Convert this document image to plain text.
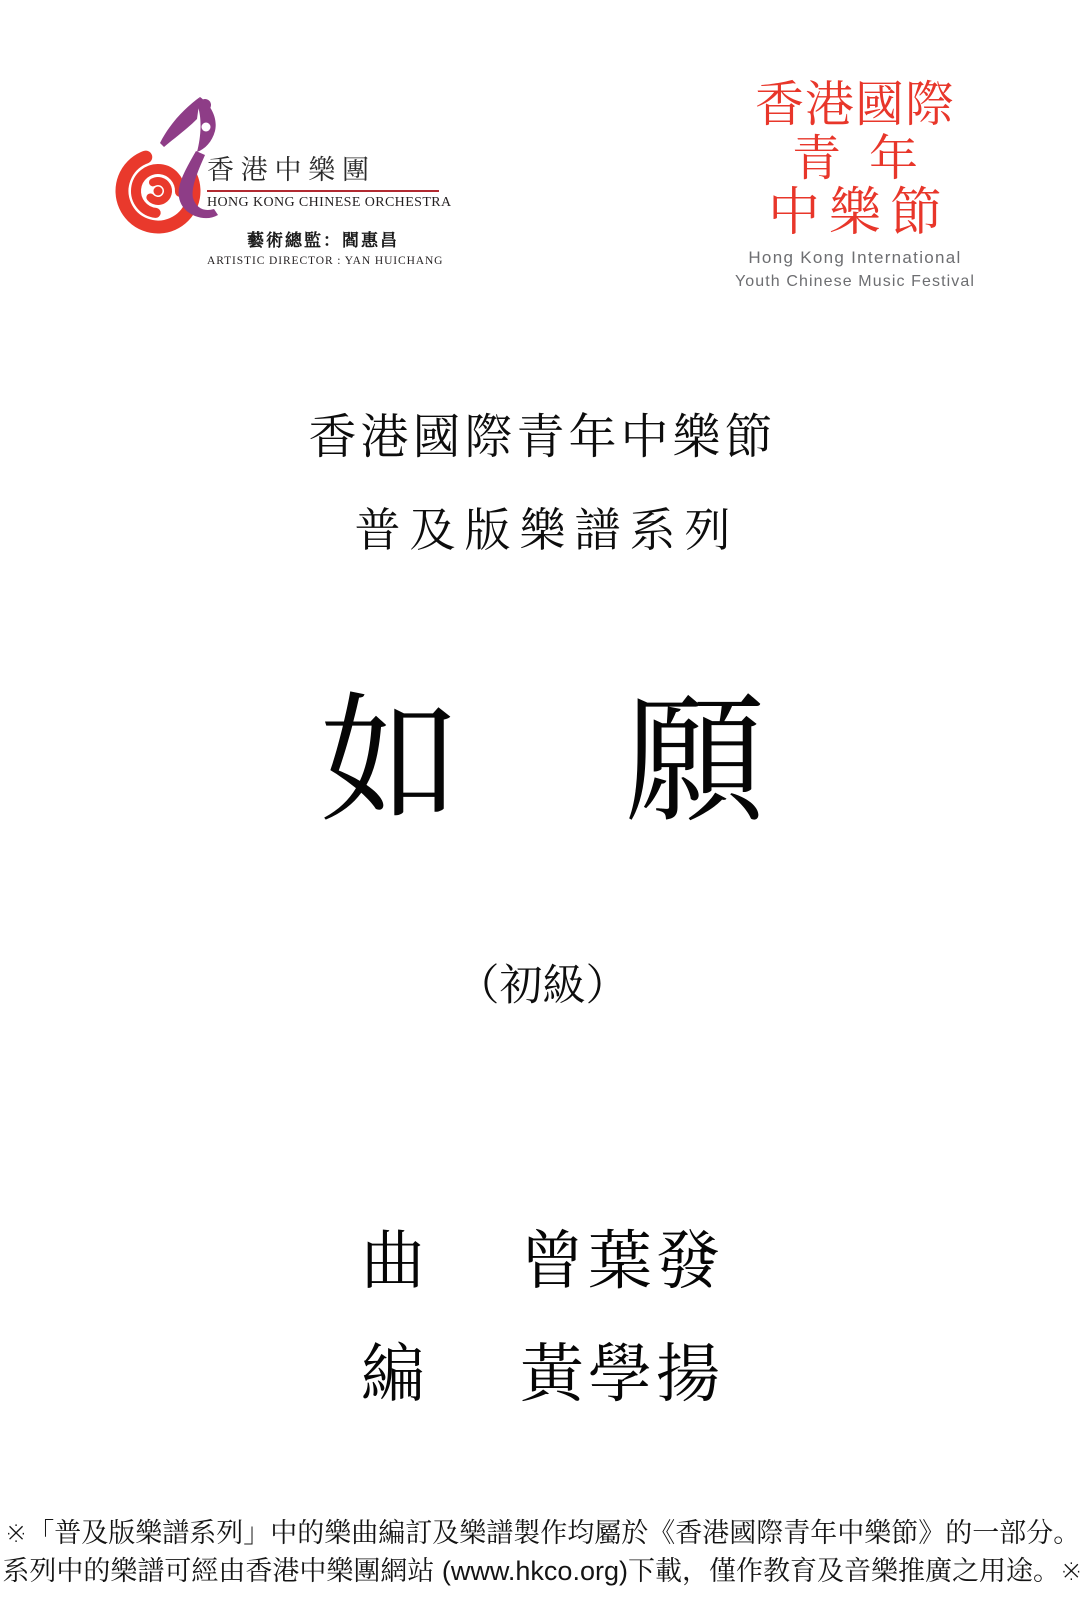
香 港 中 樂 團
HONG KONG CHINESE ORCHESTRA
藝術總監：閻惠昌
ARTISTIC DIRECTOR : YAN HUICHANG
香港國際
青年
中樂節
Hong Kong International
Youth Chinese Music Festival
香港國際青年中樂節
普及版樂譜系列
如 願
（初級）
曲 曾葉發
編 黃學揚
※「普及版樂譜系列」中的樂曲編訂及樂譜製作均屬於《香港國際青年中樂節》的一部分。
系列中的樂譜可經由香港中樂團網站 (www.hkco.org)下載，僅作教育及音樂推廣之用途。※
